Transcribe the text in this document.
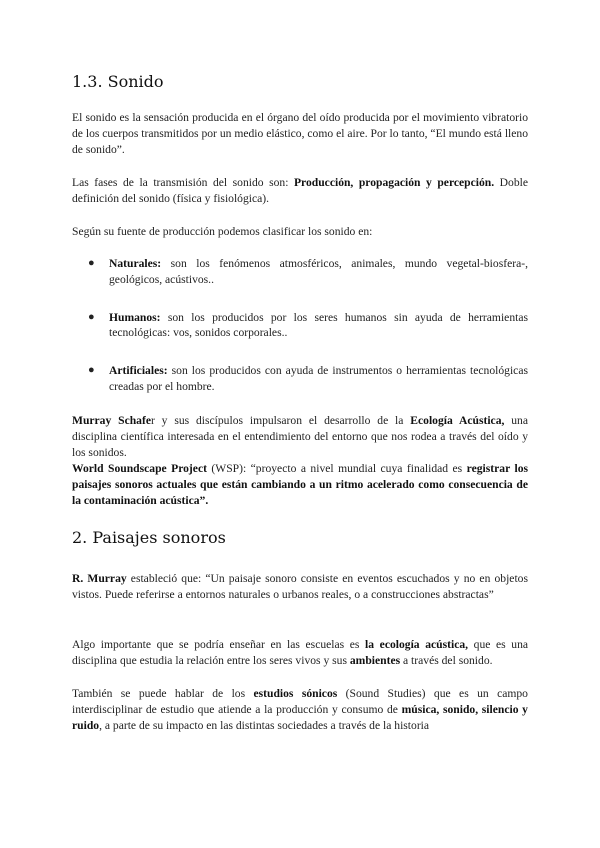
1.3. Sonido

El sonido es la sensación producida en el órgano del oído producida por el movimiento vibratorio de los cuerpos transmitidos por un medio elástico, como el aire. Por lo tanto, “El mundo está lleno de sonido”.

Las fases de la transmisión del sonido son: Producción, propagación y percepción. Doble definición del sonido (física y fisiológica).

Según su fuente de producción podemos clasificar los sonido en:

● Naturales: son los fenómenos atmosféricos, animales, mundo vegetal-biosfera-, geológicos, acústivos..
● Humanos: son los producidos por los seres humanos sin ayuda de herramientas tecnológicas: vos, sonidos corporales..
● Artificiales: son los producidos con ayuda de instrumentos o herramientas tecnológicas creadas por el hombre.

Murray Schafer y sus discípulos impulsaron el desarrollo de la Ecología Acústica, una disciplina científica interesada en el entendimiento del entorno que nos rodea a través del oído y los sonidos.

World Soundscape Project (WSP): “proyecto a nivel mundial cuya finalidad es registrar los paisajes sonoros actuales que están cambiando a un ritmo acelerado como consecuencia de la contaminación acústica”.

2. Paisajes sonoros

R. Murray estableció que: “Un paisaje sonoro consiste en eventos escuchados y no en objetos vistos. Puede referirse a entornos naturales o urbanos reales, o a construcciones abstractas”

Algo importante que se podría enseñar en las escuelas es la ecología acústica, que es una disciplina que estudia la relación entre los seres vivos y sus ambientes a través del sonido.

También se puede hablar de los estudios sónicos (Sound Studies) que es un campo interdisciplinar de estudio que atiende a la producción y consumo de música, sonido, silencio y ruido, a parte de su impacto en las distintas sociedades a través de la historia
